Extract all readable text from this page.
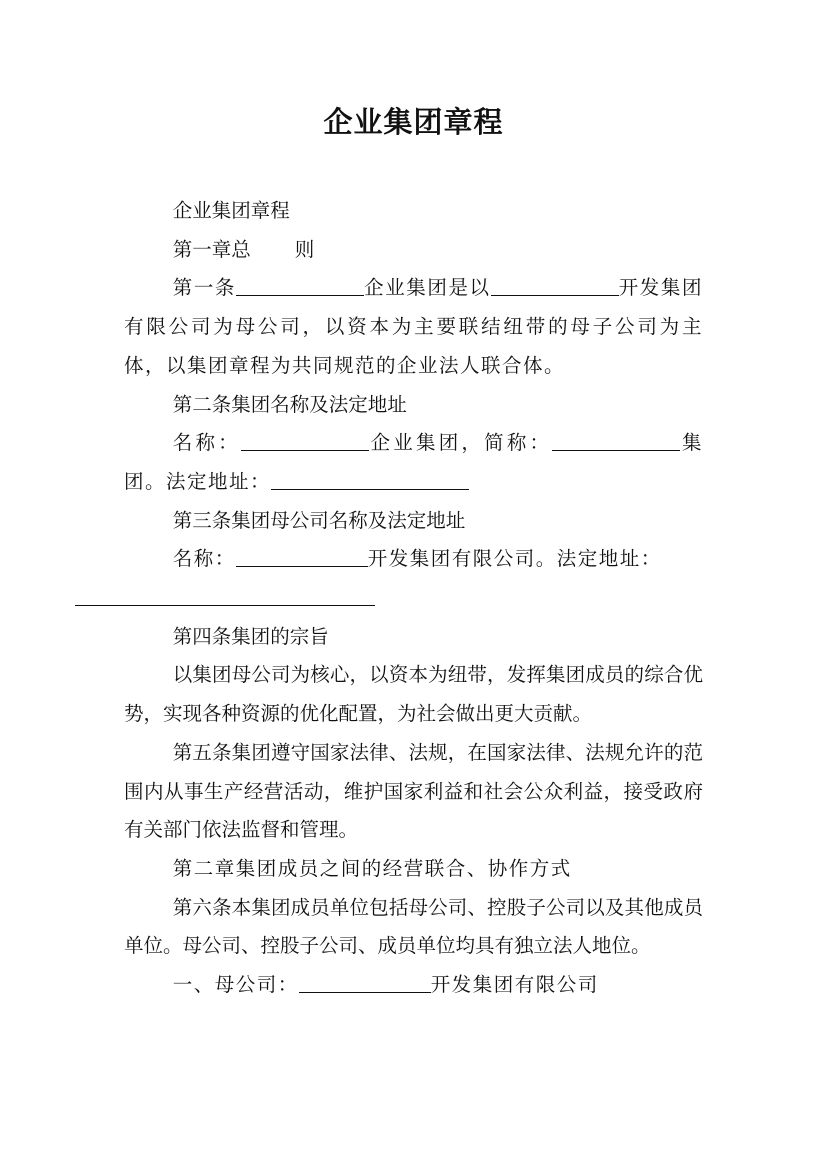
企业集团章程

企业集团章程

第一章总 则

第一条	企业集团是以	开发集团有限公司为母公司，以资本为主要联结纽带的母子公司为主体，以集团章程为共同规范的企业法人联合体。

第二条集团名称及法定地址

名称：	企业集团，简称：	集团。法定地址：

第三条集团母公司名称及法定地址

名称：	开发集团有限公司。法定地址：

第四条集团的宗旨

以集团母公司为核心，以资本为纽带，发挥集团成员的综合优势，实现各种资源的优化配置，为社会做出更大贡献。

第五条集团遵守国家法律、法规，在国家法律、法规允许的范围内从事生产经营活动，维护国家利益和社会公众利益，接受政府有关部门依法监督和管理。

第二章集团成员之间的经营联合、协作方式

第六条本集团成员单位包括母公司、控股子公司以及其他成员单位。母公司、控股子公司、成员单位均具有独立法人地位。

一、母公司：	开发集团有限公司
